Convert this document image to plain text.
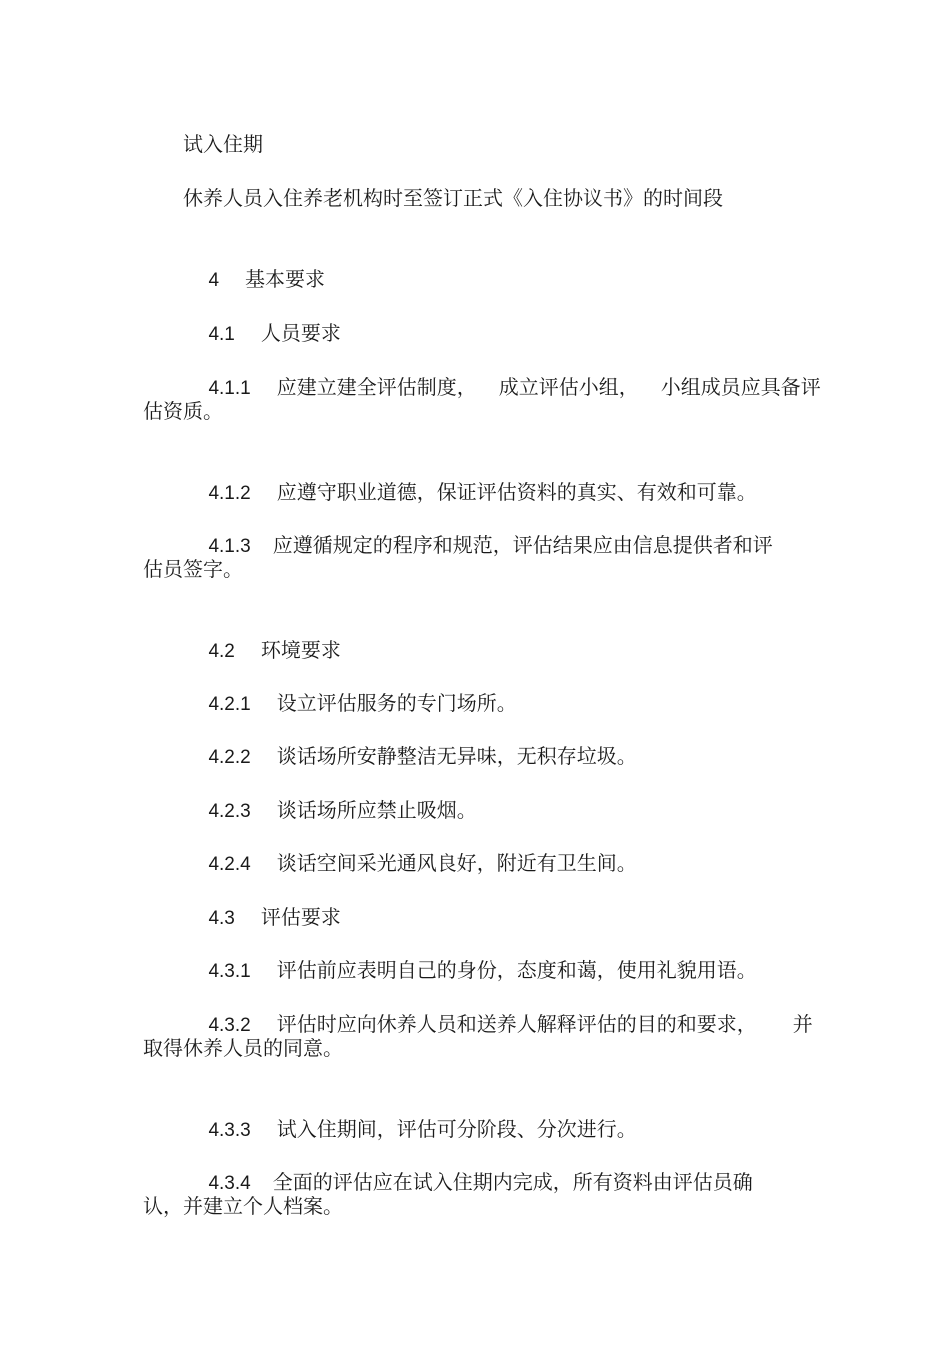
试入住期
休养人员入住养老机构时至签订正式《入住协议书》的时间段

4 基本要求

4.1 人员要求

4.1.1 应建立建全评估制度， 成立评估小组， 小组成员应具备评

估资质。

4.1.2 应遵守职业道德，保证评估资料的真实、有效和可靠。

4.1.3 应遵循规定的程序和规范，评估结果应由信息提供者和评

估员签字。

4.2 环境要求

4.2.1 设立评估服务的专门场所。

4.2.2 谈话场所安静整洁无异味，无积存垃圾。

4.2.3 谈话场所应禁止吸烟。

4.2.4 谈话空间采光通风良好，附近有卫生间。

4.3 评估要求

4.3.1 评估前应表明自己的身份，态度和蔼，使用礼貌用语。

4.3.2 评估时应向休养人员和送养人解释评估的目的和要求， 并

取得休养人员的同意。

4.3.3 试入住期间，评估可分阶段、分次进行。

4.3.4 全面的评估应在试入住期内完成，所有资料由评估员确

认，并建立个人档案。
